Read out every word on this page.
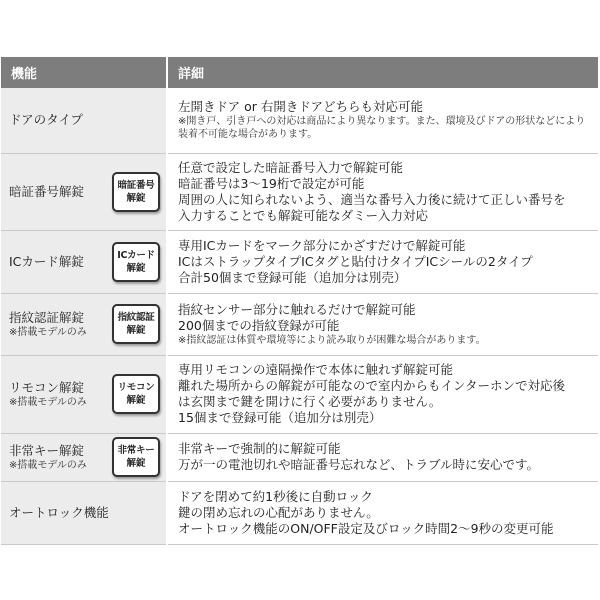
機能	詳細

ドアのタイプ	左開きドア or 右開きドアどちらも対応可能
※開き戸、引き戸への対応は商品により異なります。また、環境及びドアの形状などにより装着不可能な場合があります。

暗証番号解錠 暗証番号
解錠	任意で設定した暗証番号入力で解錠可能
暗証番号は3～19桁で設定が可能
周囲の人に知られないよう、適当な番号入力後に続けて正しい番号を
入力することでも解錠可能なダミー入力対応

ICカード解錠 ICカード
解錠	専用ICカードをマーク部分にかざすだけで解錠可能
ICはストラップタイプICタグと貼付けタイプICシールの2タイプ
合計50個まで登録可能（追加分は別売）

指紋認証解錠
※搭載モデルのみ
指紋認証
解錠	指紋センサー部分に触れるだけで解錠可能
200個までの指紋登録が可能
※指紋認証は体質や環境等により読み取りが困難な場合があります。

リモコン解錠
※搭載モデルのみ
リモコン
解錠	専用リモコンの遠隔操作で本体に触れず解錠可能
離れた場所からの解錠が可能なので室内からもインターホンで対応後
は玄関まで鍵を開けに行く必要がありません。
15個まで登録可能（追加分は別売）

非常キー解錠
※搭載モデルのみ
非常キー
解錠	非常キーで強制的に解錠可能
万が一の電池切れや暗証番号忘れなど、トラブル時に安心です。

オートロック機能	ドアを閉めて約1秒後に自動ロック
鍵の閉め忘れの心配がありません。
オートロック機能のON/OFF設定及びロック時間2～9秒の変更可能
